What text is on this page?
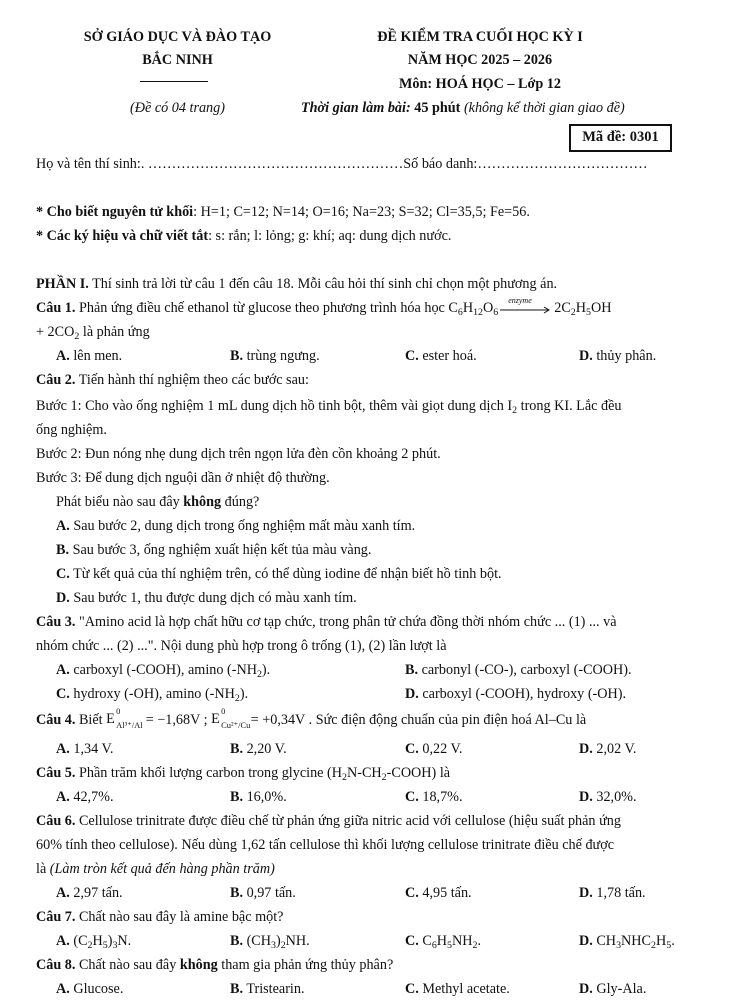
SỞ GIÁO DỤC VÀ ĐÀO TẠO
BẮC NINH
(Đề có 04 trang)
ĐỀ KIỂM TRA CUỐI HỌC KỲ I
NĂM HỌC 2025 – 2026
Môn: HOÁ HỌC – Lớp 12
Thời gian làm bài: 45 phút (không kể thời gian giao đề)
Mã đề: 0301
Họ và tên thí sinh:. ………………………………………………Số báo danh:………………………………
* Cho biết nguyên tử khối: H=1; C=12; N=14; O=16; Na=23; S=32; Cl=35,5; Fe=56.
* Các ký hiệu và chữ viết tắt: s: rắn; l: lỏng; g: khí; aq: dung dịch nước.
PHẦN I. Thí sinh trả lời từ câu 1 đến câu 18. Mỗi câu hỏi thí sinh chỉ chọn một phương án.
Câu 1. Phản ứng điều chế ethanol từ glucose theo phương trình hóa học $C_6H_{12}O_6$
enzyme $2C_2H_5OH$
+ $2CO_2$ là phản ứng
A. lên men.	B. trùng ngưng.	C. ester hoá.	D. thủy phân.
Câu 2. Tiến hành thí nghiệm theo các bước sau:
Bước 1: Cho vào ống nghiệm 1 mL dung dịch hồ tinh bột, thêm vài giọt dung dịch $I_2$ trong KI. Lắc đều
ống nghiệm.
Bước 2: Đun nóng nhẹ dung dịch trên ngọn lửa đèn cồn khoảng 2 phút.
Bước 3: Để dung dịch nguội dần ở nhiệt độ thường.
Phát biểu nào sau đây không đúng?
A. Sau bước 2, dung dịch trong ống nghiệm mất màu xanh tím.
B. Sau bước 3, ống nghiệm xuất hiện kết tủa màu vàng.
C. Từ kết quả của thí nghiệm trên, có thể dùng iodine để nhận biết hồ tinh bột.
D. Sau bước 1, thu được dung dịch có màu xanh tím.
Câu 3. "Amino acid là hợp chất hữu cơ tạp chức, trong phân tử chứa đồng thời nhóm chức ... (1) ... và
nhóm chức ... (2) ...". Nội dung phù hợp trong ô trống (1), (2) lần lượt là
A. carboxyl (-COOH), amino $(-NH_2)$.	B. carbonyl (-CO-), carboxyl (-COOH).
C. hydroxy (-OH), amino $(-NH_2)$.	D. carboxyl (-COOH), hydroxy (-OH).
Câu 4. Biết E 0
Al³⁺/Al = −1,68V ; E 0
Cu²⁺/Cu
= +0,34V . Sức điện động chuẩn của pin điện hoá Al–Cu là
A. 1,34 V.	B. 2,20 V.	C. 0,22 V.	D. 2,02 V.
Câu 5. Phần trăm khối lượng carbon trong glycine $(H_2N-CH_2-COOH)$ là
A. 42,7%.	B. 16,0%.	C. 18,7%.	D. 32,0%.
Câu 6. Cellulose trinitrate được điều chế từ phản ứng giữa nitric acid với cellulose (hiệu suất phản ứng
60% tính theo cellulose). Nếu dùng 1,62 tấn cellulose thì khối lượng cellulose trinitrate điều chế được
là (Làm tròn kết quả đến hàng phần trăm)
A. 2,97 tấn.	B. 0,97 tấn.	C. 4,95 tấn.	D. 1,78 tấn.
Câu 7. Chất nào sau đây là amine bậc một?
A. $(C_2H_5)_3N$.	B. $(CH_3)_2NH$.	C. $C_6H_5NH_2$.	D. $CH_3NHC_2H_5$.
Câu 8. Chất nào sau đây không tham gia phản ứng thủy phân?
A. Glucose.	B. Tristearin.	C. Methyl acetate.	D. Gly-Ala.
